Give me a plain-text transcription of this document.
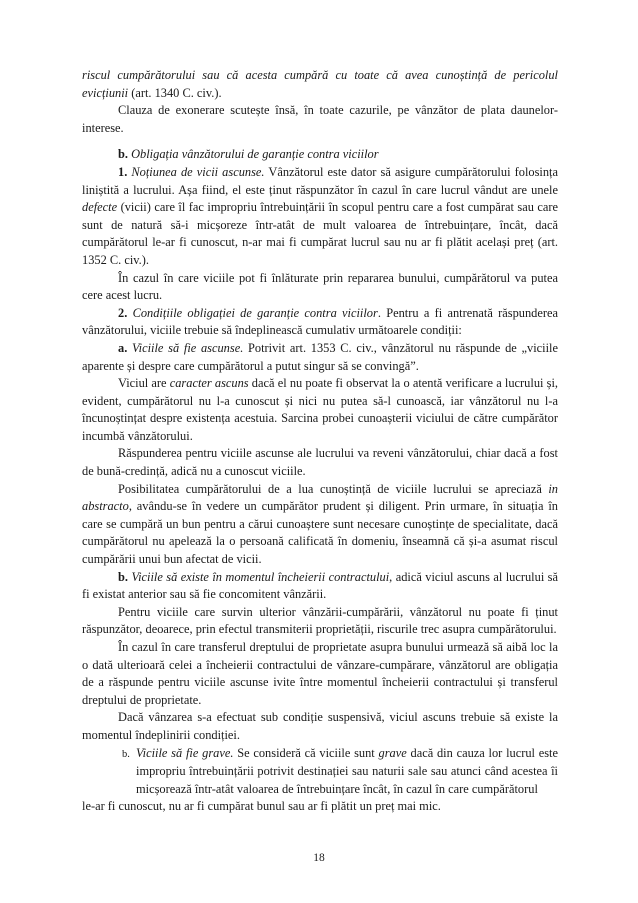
riscul cumpărătorului sau că acesta cumpără cu toate că avea cunoștință de pericolul evicțiunii (art. 1340 C. civ.).

Clauza de exonerare scutește însă, în toate cazurile, pe vânzător de plata daunelor-interese.

b. Obligația vânzătorului de garanție contra viciilor

1. Noțiunea de vicii ascunse. Vânzătorul este dator să asigure cumpărătorului folosința liniștită a lucrului. Așa fiind, el este ținut răspunzător în cazul în care lucrul vândut are unele defecte (vicii) care îl fac impropriu întrebuințării în scopul pentru care a fost cumpărat sau care sunt de natură să-i micșoreze într-atât de mult valoarea de întrebuințare, încât, dacă cumpărătorul le-ar fi cunoscut, n-ar mai fi cumpărat lucrul sau nu ar fi plătit același preț (art. 1352 C. civ.).

În cazul în care viciile pot fi înlăturate prin repararea bunului, cumpărătorul va putea cere acest lucru.

2. Condițiile obligației de garanție contra viciilor. Pentru a fi antrenată răspunderea vânzătorului, viciile trebuie să îndeplinească cumulativ următoarele condiții:

a. Viciile să fie ascunse. Potrivit art. 1353 C. civ., vânzătorul nu răspunde de „viciile aparente și despre care cumpărătorul a putut singur să se convingă”.

Viciul are caracter ascuns dacă el nu poate fi observat la o atentă verificare a lucrului și, evident, cumpărătorul nu l-a cunoscut și nici nu putea să-l cunoască, iar vânzătorul nu l-a încunoștințat despre existența acestuia. Sarcina probei cunoașterii viciului de către cumpărător incumbă vânzătorului.

Răspunderea pentru viciile ascunse ale lucrului va reveni vânzătorului, chiar dacă a fost de bună-credință, adică nu a cunoscut viciile.

Posibilitatea cumpărătorului de a lua cunoștință de viciile lucrului se apreciază in abstracto, avându-se în vedere un cumpărător prudent și diligent. Prin urmare, în situația în care se cumpără un bun pentru a cărui cunoaștere sunt necesare cunoștințe de specialitate, dacă cumpărătorul nu apelează la o persoană calificată în domeniu, înseamnă că și-a asumat riscul cumpărării unui bun afectat de vicii.

b. Viciile să existe în momentul încheierii contractului, adică viciul ascuns al lucrului să fi existat anterior sau să fie concomitent vânzării.

Pentru viciile care survin ulterior vânzării-cumpărării, vânzătorul nu poate fi ținut răspunzător, deoarece, prin efectul transmiterii proprietății, riscurile trec asupra cumpărătorului.

În cazul în care transferul dreptului de proprietate asupra bunului urmează să aibă loc la o dată ulterioară celei a încheierii contractului de vânzare-cumpărare, vânzătorul are obligația de a răspunde pentru viciile ascunse ivite între momentul încheierii contractului și transferul dreptului de proprietate.

Dacă vânzarea s-a efectuat sub condiție suspensivă, viciul ascuns trebuie să existe la momentul îndeplinirii condiției.

b. Viciile să fie grave. Se consideră că viciile sunt grave dacă din cauza lor lucrul este impropriu întrebuințării potrivit destinației sau naturii sale sau atunci când acestea îi micșorează într-atât valoarea de întrebuințare încât, în cazul în care cumpărătorul

le-ar fi cunoscut, nu ar fi cumpărat bunul sau ar fi plătit un preț mai mic.

18
